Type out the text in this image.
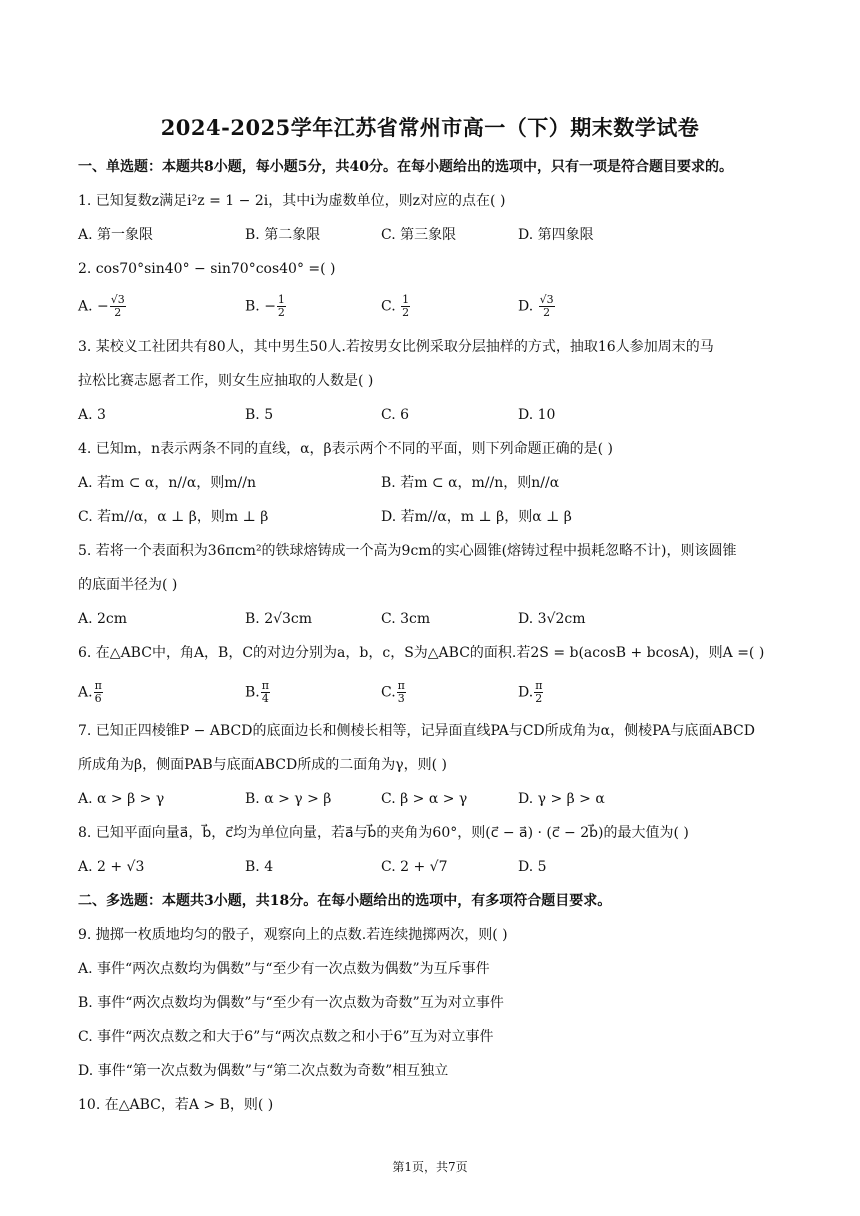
2024-2025学年江苏省常州市高一（下）期末数学试卷
一、单选题：本题共8小题，每小题5分，共40分。在每小题给出的选项中，只有一项是符合题目要求的。
1. 已知复数z满足i²z = 1 − 2i，其中i为虚数单位，则z对应的点在( )
A. 第一象限	B. 第二象限	C. 第三象限	D. 第四象限
2. cos70°sin40° − sin70°cos40° =( )
A. − $\frac{√3}{2}$	B. − $\frac{1}{2}$	C. $\frac{1}{2}$	D. $\frac{√3}{2}$
3. 某校义工社团共有80人，其中男生50人.若按男女比例采取分层抽样的方式，抽取16人参加周末的马
拉松比赛志愿者工作，则女生应抽取的人数是( )
A. 3	B. 5	C. 6	D. 10
4. 已知m，n表示两条不同的直线，α，β表示两个不同的平面，则下列命题正确的是( )
A. 若m ⊂ α，n//α，则m//n	B. 若m ⊂ α，m//n，则n//α
C. 若m//α，α ⊥ β，则m ⊥ β	D. 若m//α，m ⊥ β，则α ⊥ β
5. 若将一个表面积为36πcm²的铁球熔铸成一个高为9cm的实心圆锥(熔铸过程中损耗忽略不计)，则该圆锥
的底面半径为( )
A. 2cm	B. 2√3cm	C. 3cm	D. 3√2cm
6. 在△ABC中，角A，B，C的对边分别为a，b，c，S为△ABC的面积.若2S = b(acosB + bcosA)，则A =( )
A. $\frac{\pi}{6}$	B. $\frac{\pi}{4}$	C. $\frac{\pi}{3}$	D. $\frac{\pi}{2}$
7. 已知正四棱锥P − ABCD的底面边长和侧棱长相等，记异面直线PA与CD所成角为α，侧棱PA与底面ABCD
所成角为β，侧面PAB与底面ABCD所成的二面角为γ，则( )
A. α > β > γ	B. α > γ > β	C. β > α > γ	D. γ > β > α
8. 已知平面向量a⃗，b⃗，c⃗均为单位向量，若a⃗与b⃗的夹角为60°，则(c⃗ − a⃗) · (c⃗ − 2b⃗)的最大值为( )
A. 2 + √3	B. 4	C. 2 + √7	D. 5
二、多选题：本题共3小题，共18分。在每小题给出的选项中，有多项符合题目要求。
9. 抛掷一枚质地均匀的骰子，观察向上的点数.若连续抛掷两次，则( )
A. 事件“两次点数均为偶数”与“至少有一次点数为偶数”为互斥事件
B. 事件“两次点数均为偶数”与“至少有一次点数为奇数”互为对立事件
C. 事件“两次点数之和大于6”与“两次点数之和小于6”互为对立事件
D. 事件“第一次点数为偶数”与“第二次点数为奇数”相互独立
10. 在△ABC，若A > B，则( )
第1页，共7页
